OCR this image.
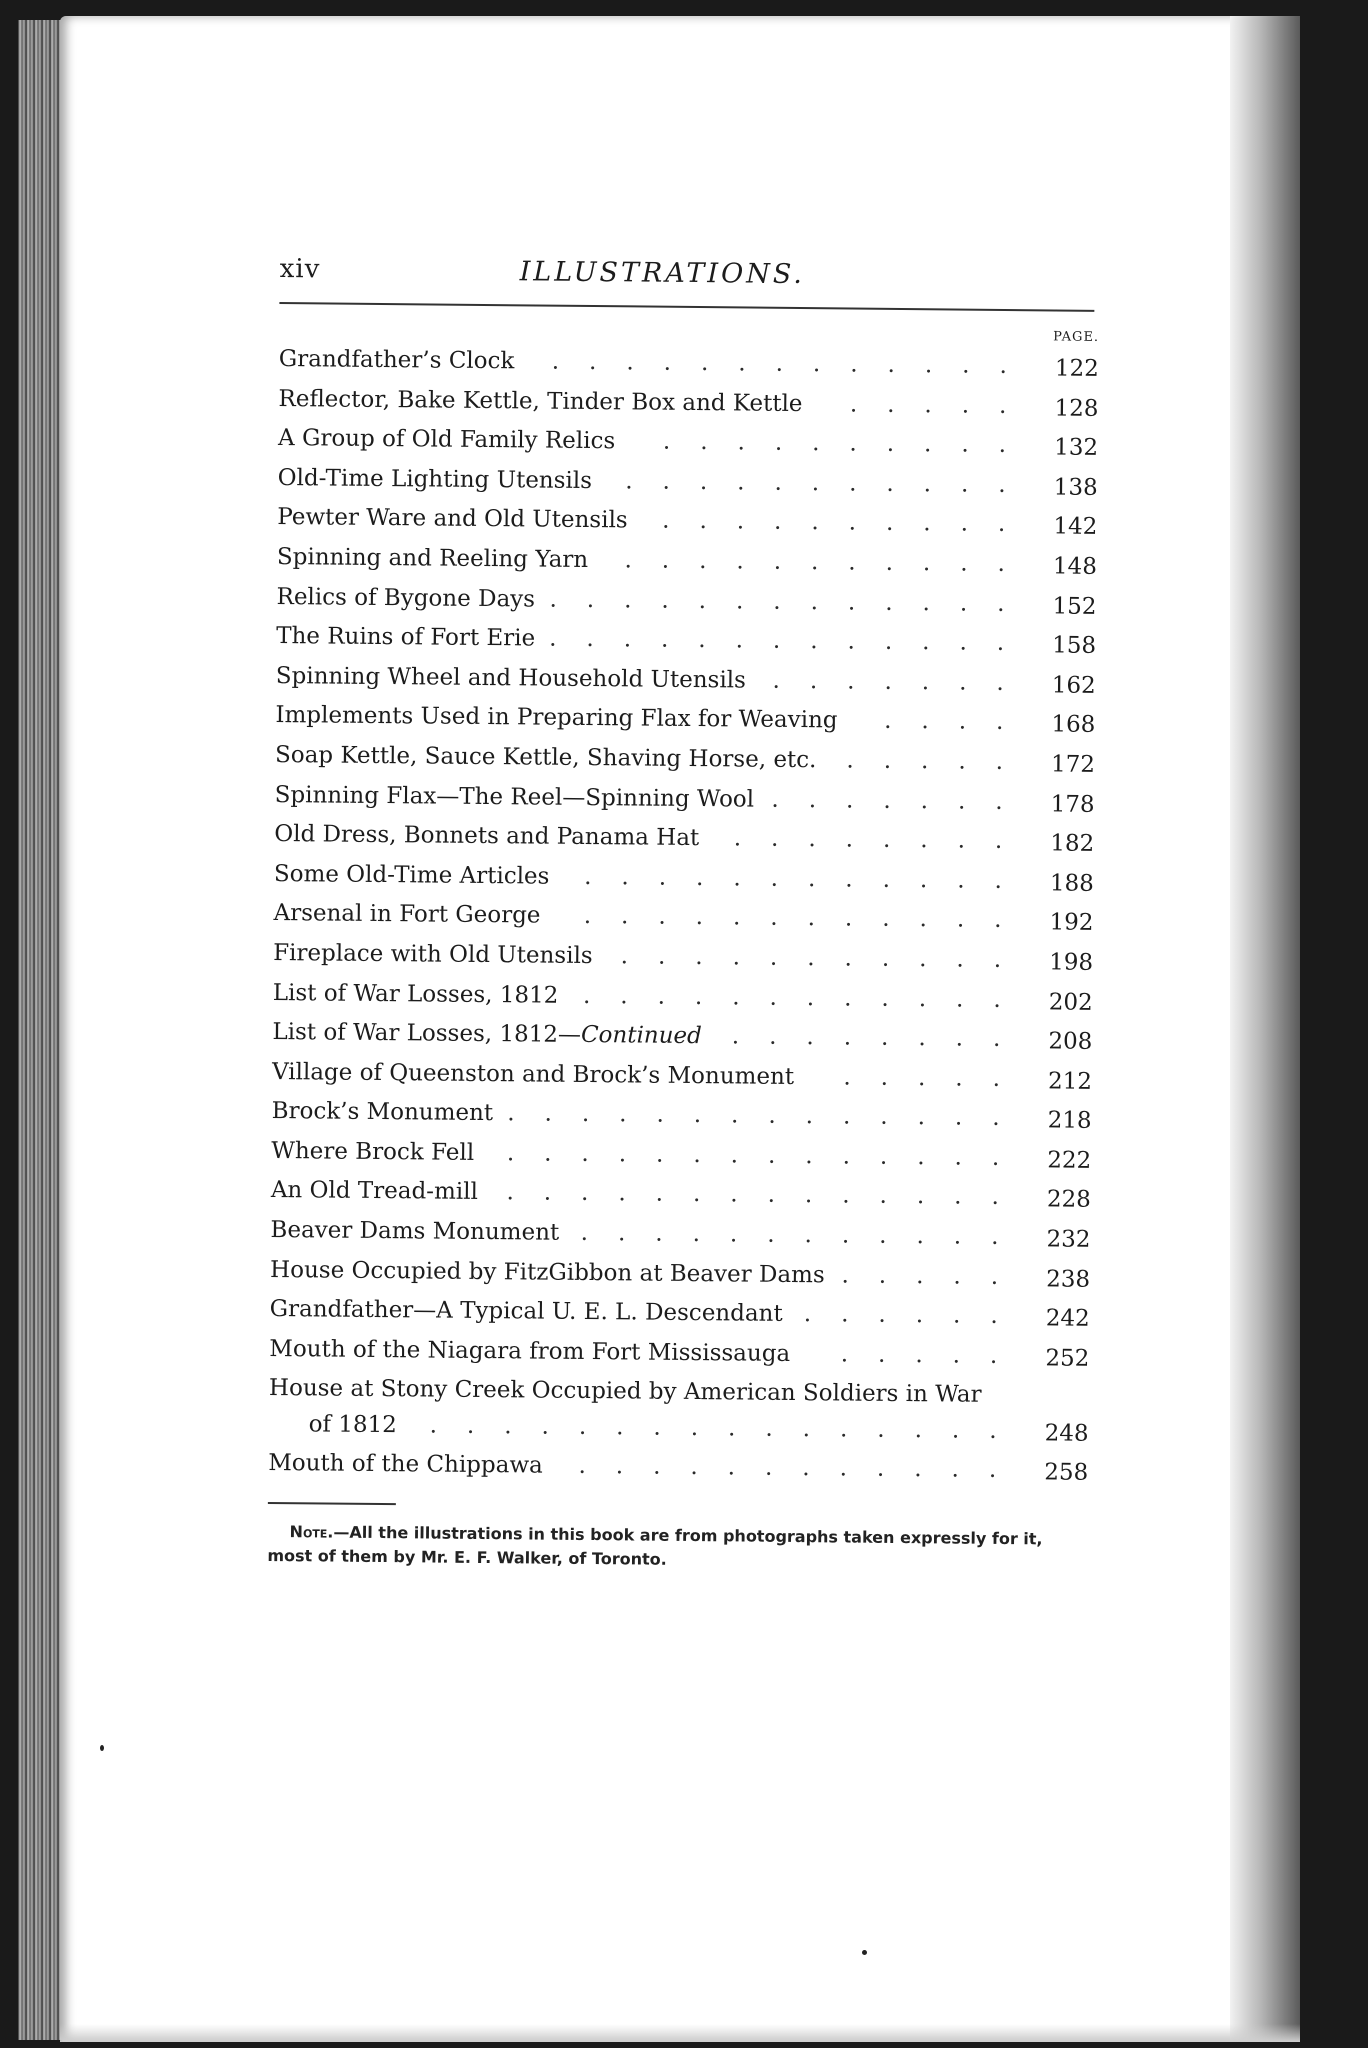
xiv	ILLUSTRATIONS.
PAGE.
Grandfather’s Clock ............. 122
Reflector, Bake Kettle, Tinder Box and Kettle ..... 128
A Group of Old Family Relics .......... 132
Old-Time Lighting Utensils ........... 138
Pewter Ware and Old Utensils .......... 142
Spinning and Reeling Yarn ........... 148
Relics of Bygone Days ............. 152
The Ruins of Fort Erie ............. 158
Spinning Wheel and Household Utensils ....... 162
Implements Used in Preparing Flax for Weaving .... 168
Soap Kettle, Sauce Kettle, Shaving Horse, etc. ..... 172
Spinning Flax—The Reel—Spinning Wool ....... 178
Old Dress, Bonnets and Panama Hat ........ 182
Some Old-Time Articles ............ 188
Arsenal in Fort George ............ 192
Fireplace with Old Utensils ........... 198
List of War Losses, 1812 ............ 202
List of War Losses, 1812—Continued ........ 208
Village of Queenston and Brock’s Monument ..... 212
Brock’s Monument .............. 218
Where Brock Fell .............. 222
An Old Tread-mill .............. 228
Beaver Dams Monument ............ 232
House Occupied by FitzGibbon at Beaver Dams ..... 238
Grandfather—A Typical U. E. L. Descendant ...... 242
Mouth of the Niagara from Fort Mississauga ..... 252
House at Stony Creek Occupied by American Soldiers in War
of 1812 ................ 248
Mouth of the Chippawa ............ 258
Note.—All the illustrations in this book are from photographs taken expressly for it, most of them by Mr. E. F. Walker, of Toronto.
